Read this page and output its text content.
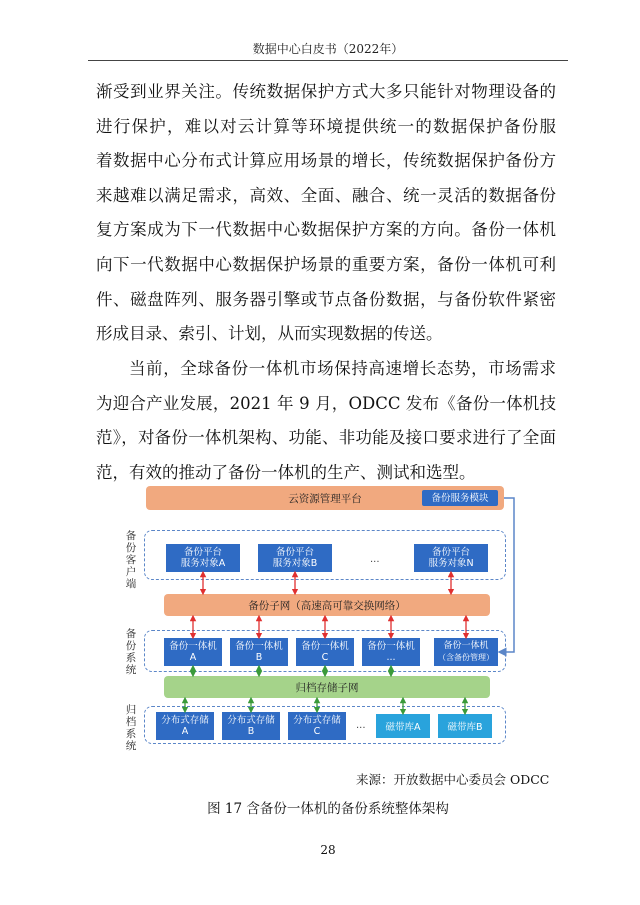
数据中心白皮书（2022年）
渐受到业界关注。传统数据保护方式大多只能针对物理设备的
进行保护，难以对云计算等环境提供统一的数据保护备份服
着数据中心分布式计算应用场景的增长，传统数据保护备份方
来越难以满足需求，高效、全面、融合、统一灵活的数据备份
复方案成为下一代数据中心数据保护方案的方向。备份一体机
向下一代数据中心数据保护场景的重要方案，备份一体机可利
件、磁盘阵列、服务器引擎或节点备份数据，与备份软件紧密
形成目录、索引、计划，从而实现数据的传送。
当前，全球备份一体机市场保持高速增长态势，市场需求
为迎合产业发展，2021 年 9 月，ODCC 发布《备份一体机技
范》，对备份一体机架构、功能、非功能及接口要求进行了全面
范，有效的推动了备份一体机的生产、测试和选型。
云资源管理平台	备份服务模块
备份客户端
备份平台
服务对象A
备份平台
服务对象B	...
备份平台
服务对象N
备份子网（高速高可靠交换网络）
备份系统
备份一体机
A
备份一体机
B
备份一体机
C
备份一体机
...
备份一体机
（含备份管理）
归档存储子网
归档系统
分布式存储
A
分布式存储
B
分布式存储
C
... 磁带库A	磁带库B
来源：开放数据中心委员会 ODCC
图 17 含备份一体机的备份系统整体架构
28
